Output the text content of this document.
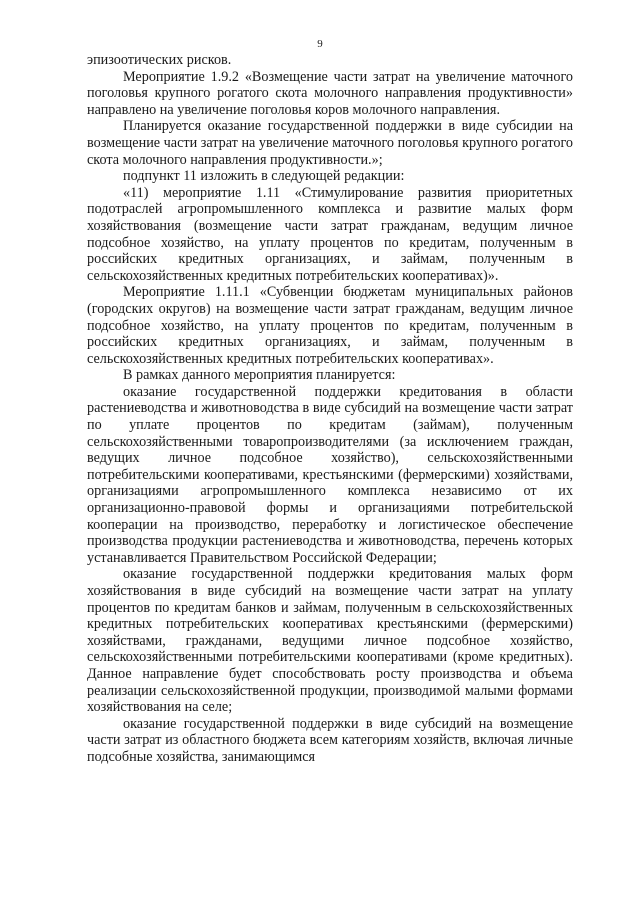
9

эпизоотических рисков.

Мероприятие 1.9.2 «Возмещение части затрат на увеличение маточного поголовья крупного рогатого скота молочного направления продуктивности» направлено на увеличение поголовья коров молочного направления.

Планируется оказание государственной поддержки в виде субсидии на возмещение части затрат на увеличение маточного поголовья крупного рогатого скота молочного направления продуктивности.»;

подпункт 11 изложить в следующей редакции:

«11) мероприятие 1.11 «Стимулирование развития приоритетных подотраслей агропромышленного комплекса и развитие малых форм хозяйствования (возмещение части затрат гражданам, ведущим личное подсобное хозяйство, на уплату процентов по кредитам, полученным в российских кредитных организациях, и займам, полученным в сельскохозяйственных кредитных потребительских кооперативах)».

Мероприятие 1.11.1 «Субвенции бюджетам муниципальных районов (городских округов) на возмещение части затрат гражданам, ведущим личное подсобное хозяйство, на уплату процентов по кредитам, полученным в российских кредитных организациях, и займам, полученным в сельскохозяйственных кредитных потребительских кооперативах».

В рамках данного мероприятия планируется:

оказание государственной поддержки кредитования в области растениеводства и животноводства в виде субсидий на возмещение части затрат по уплате процентов по кредитам (займам), полученным сельскохозяйственными товаропроизводителями (за исключением граждан, ведущих личное подсобное хозяйство), сельскохозяйственными потребительскими кооперативами, крестьянскими (фермерскими) хозяйствами, организациями агропромышленного комплекса независимо от их организационно-правовой формы и организациями потребительской кооперации на производство, переработку и логистическое обеспечение производства продукции растениеводства и животноводства, перечень которых устанавливается Правительством Российской Федерации;

оказание государственной поддержки кредитования малых форм хозяйствования в виде субсидий на возмещение части затрат на уплату процентов по кредитам банков и займам, полученным в сельскохозяйственных кредитных потребительских кооперативах крестьянскими (фермерскими) хозяйствами, гражданами, ведущими личное подсобное хозяйство, сельскохозяйственными потребительскими кооперативами (кроме кредитных). Данное направление будет способствовать росту производства и объема реализации сельскохозяйственной продукции, производимой малыми формами хозяйствования на селе;

оказание государственной поддержки в виде субсидий на возмещение части затрат из областного бюджета всем категориям хозяйств, включая личные подсобные хозяйства, занимающимся
